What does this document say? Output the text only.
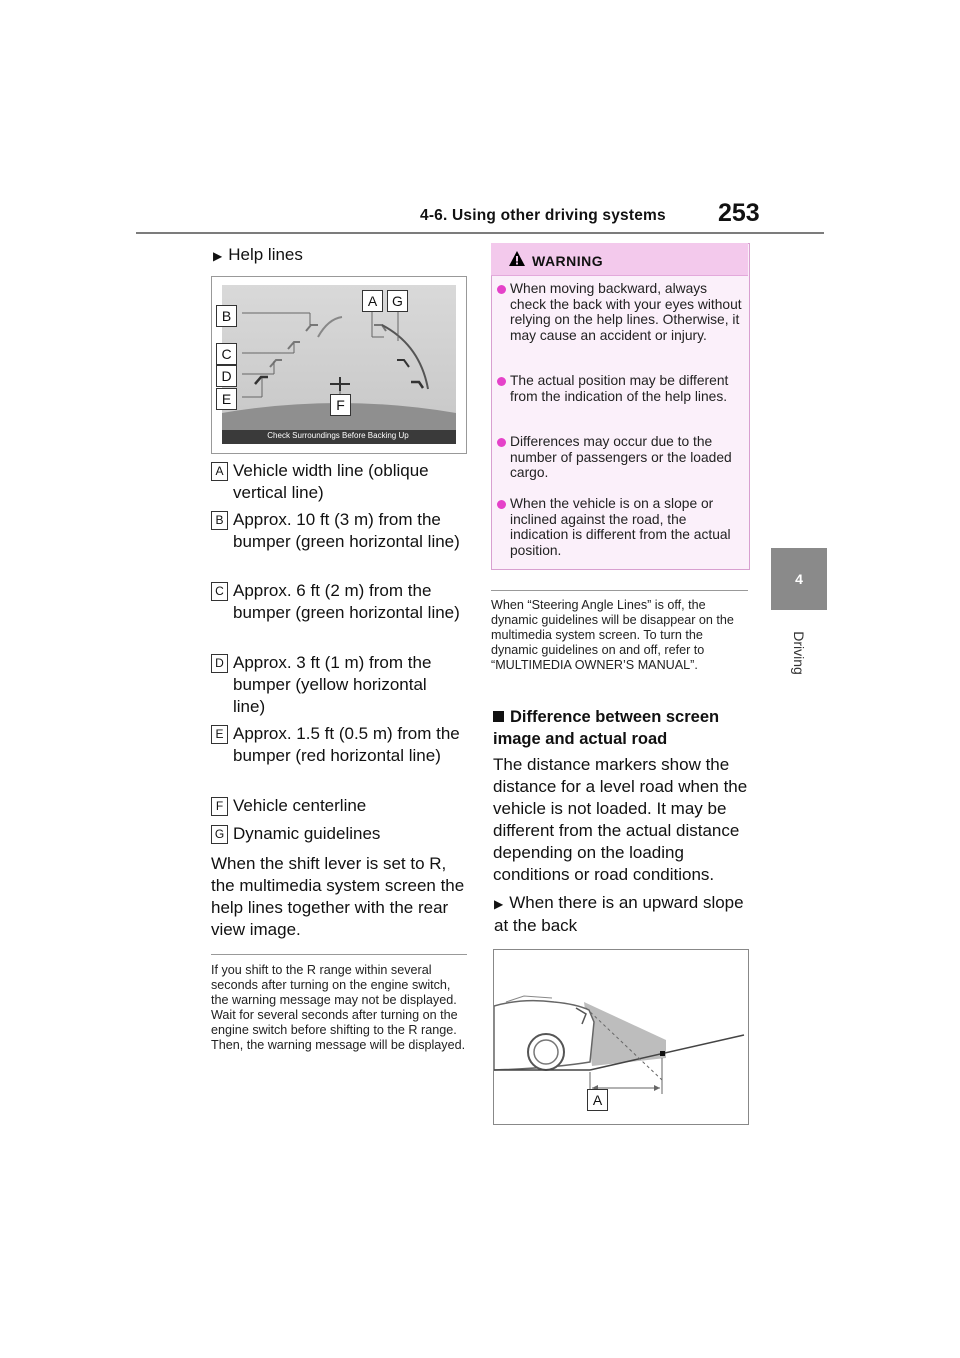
4-6. Using other driving systems 253
4
Driving
▶ Help lines
A	G
B
C
D
E	F
Check Surroundings Before Backing Up
A Vehicle width line (oblique vertical line)
B Approx. 10 ft (3 m) from the bumper (green horizontal line)
C Approx. 6 ft (2 m) from the bumper (green horizontal line)
D Approx. 3 ft (1 m) from the bumper (yellow horizontal line)
E Approx. 1.5 ft (0.5 m) from the bumper (red horizontal line)
F Vehicle centerline
G Dynamic guidelines
When the shift lever is set to R, the multimedia system screen the help lines together with the rear view image.
If you shift to the R range within several seconds after turning on the engine switch, the warning message may not be displayed. Wait for several seconds after turning on the engine switch before shifting to the R range. Then, the warning message will be displayed.
WARNING
When moving backward, always check the back with your eyes without relying on the help lines. Otherwise, it may cause an accident or injury.
The actual position may be different from the indication of the help lines.
Differences may occur due to the number of passengers or the loaded cargo.
When the vehicle is on a slope or inclined against the road, the indication is different from the actual position.
When “Steering Angle Lines” is off, the dynamic guidelines will be disappear on the multimedia system screen. To turn the dynamic guidelines on and off, refer to “MULTIMEDIA OWNER’S MANUAL”.
Difference between screen image and actual road
The distance markers show the distance for a level road when the vehicle is not loaded. It may be different from the actual distance depending on the loading conditions or road conditions.
▶ When there is an upward slope at the back
A
